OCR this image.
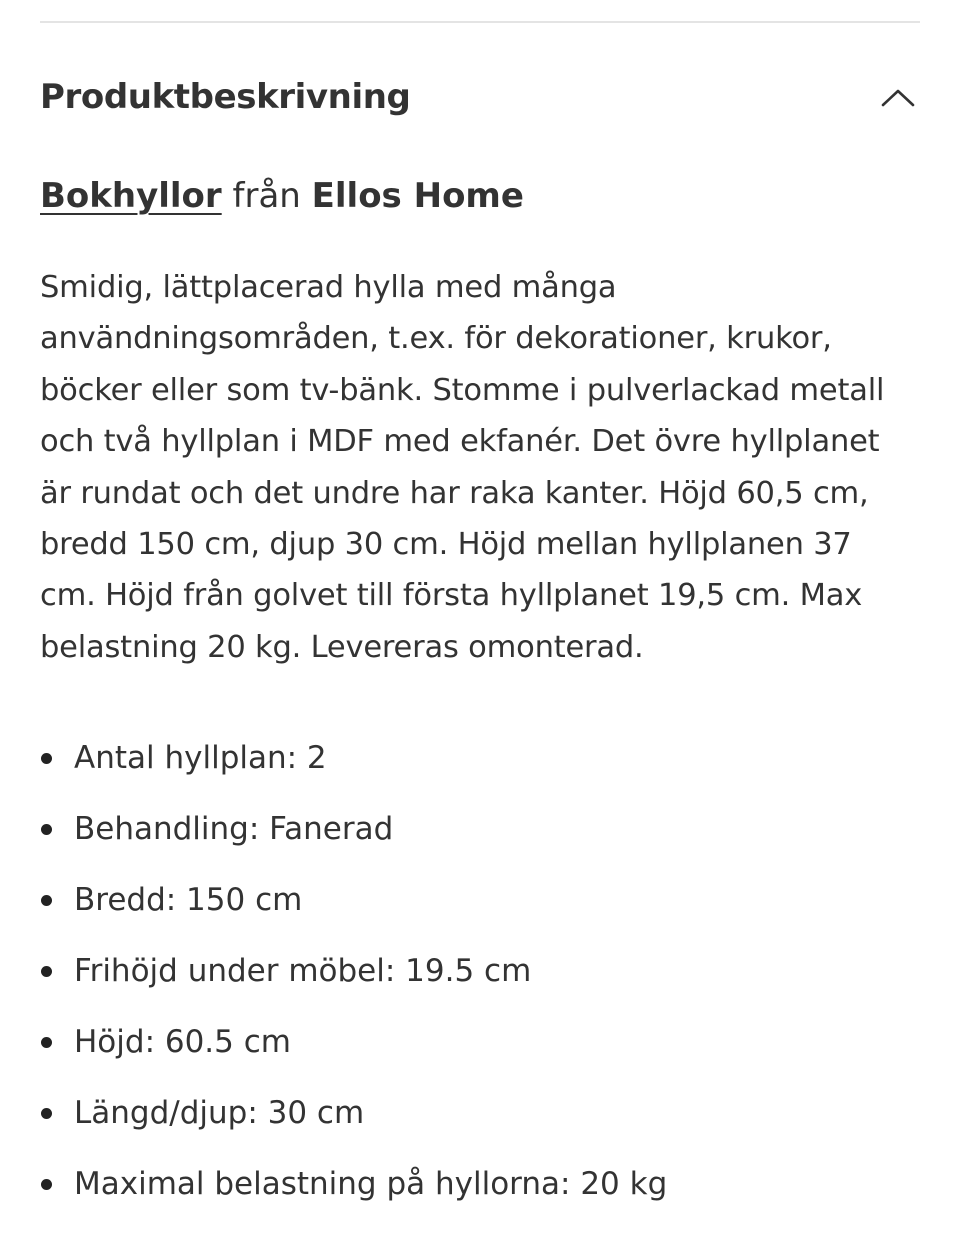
Produktbeskrivning
Bokhyllor från Ellos Home

Smidig, lättplacerad hylla med många användningsområden, t.ex. för dekorationer, krukor, böcker eller som tv-bänk. Stomme i pulverlackad metall och två hyllplan i MDF med ekfanér. Det övre hyllplanet är rundat och det undre har raka kanter. Höjd 60,5 cm, bredd 150 cm, djup 30 cm. Höjd mellan hyllplanen 37 cm. Höjd från golvet till första hyllplanet 19,5 cm. Max belastning 20 kg. Levereras omonterad.

Antal hyllplan: 2
Behandling: Fanerad
Bredd: 150 cm
Frihöjd under möbel: 19.5 cm
Höjd: 60.5 cm
Längd/djup: 30 cm
Maximal belastning på hyllorna: 20 kg
